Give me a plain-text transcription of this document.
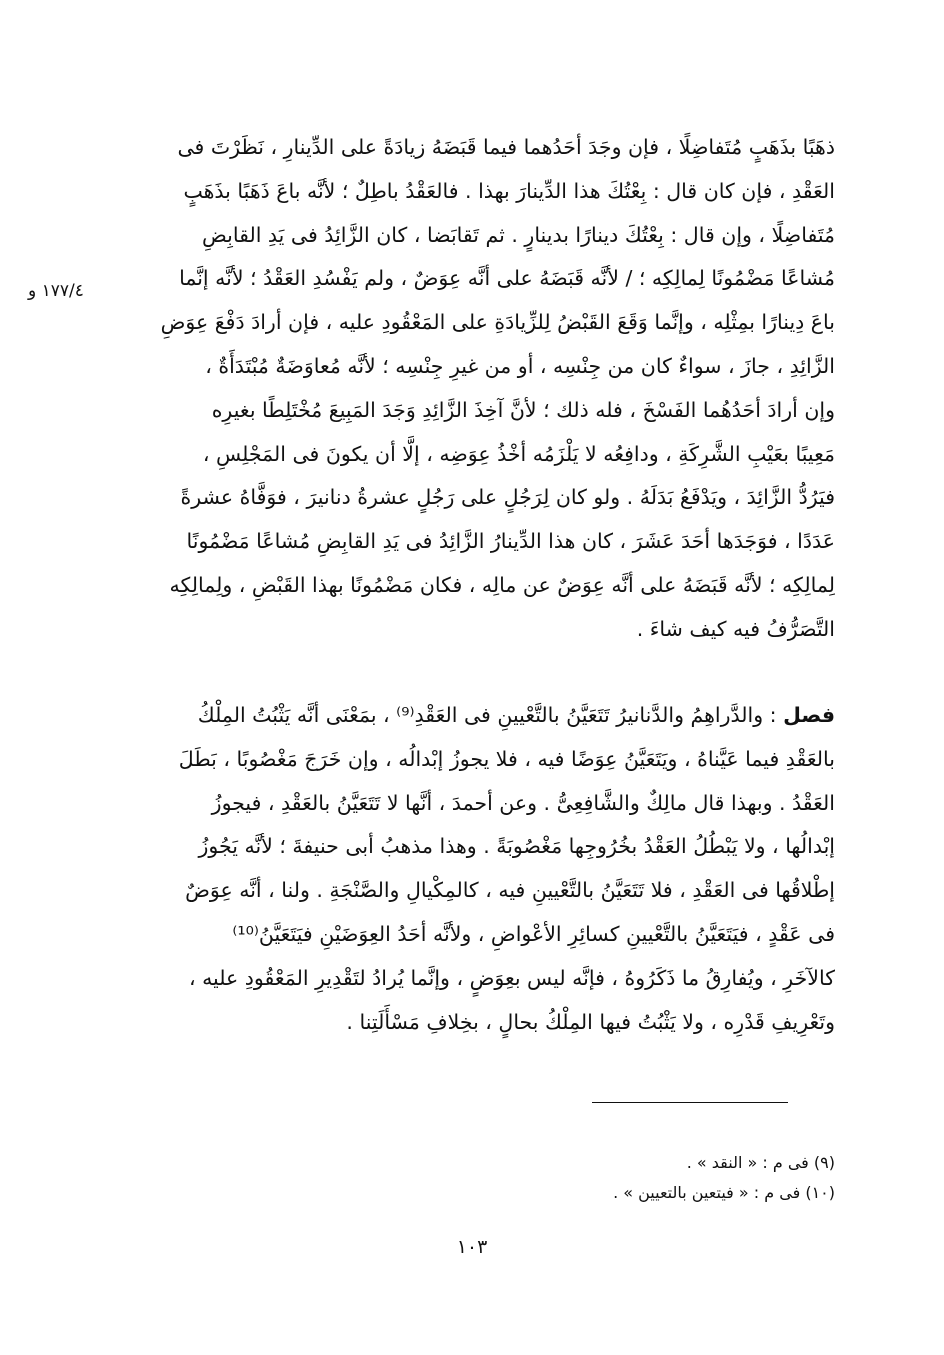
١٧٧/٤ و
ذهَبًا بذَهَبٍ مُتَفاضِلًا ، فإن وجَدَ أحَدُهما فيما قَبَضَهُ زيادَةً على الدِّينارِ ، نَظَرْتَ فى
العَقْدِ ، فإن كان قال : بِعْتُكَ هذا الدِّينارَ بهذا . فالعَقْدُ باطِلٌ ؛ لأنَّه باعَ ذَهَبًا بذَهَبٍ
مُتَفاضِلًا ، وإن قال : بِعْتُكَ دينارًا بدينارٍ . ثم تَقابَضا ، كان الزَّائِدُ فى يَدِ القابِضِ
مُشاعًا مَضْمُونًا لِمالِكِه ؛ / لأنَّه قَبَضَهُ على أنَّه عِوَضٌ ، ولم يَفْسُدِ العَقْدُ ؛ لأنَّه إنَّما
باعَ دِينارًا بمِثْلِه ، وإنَّما وَقَعَ القَبْضُ لِلزِّيادَةِ على المَعْقُودِ عليه ، فإن أرادَ دَفْعَ عِوَضِ
الزَّائِدِ ، جازَ ، سواءٌ كان من جِنْسِه ، أو من غيرِ جِنْسِه ؛ لأنَّه مُعاوَضَةٌ مُبْتَدَأَةٌ ،
وإن أرادَ أحَدُهُما الفَسْخَ ، فله ذلك ؛ لأنَّ آخِذَ الزَّائِدِ وَجَدَ المَبِيعَ مُخْتَلِطًا بغيرِه
مَعِيبًا بعَيْبِ الشَّرِكَةِ ، ودافِعُه لا يَلْزَمُه أخْذُ عِوَضِه ، إلَّا أن يكونَ فى المَجْلِسِ ،
فيَرُدُّ الزَّائِدَ ، ويَدْفَعُ بَدَلَهُ . ولو كان لِرَجُلٍ على رَجُلٍ عشرةُ دنانيرَ ، فوَفَّاهُ عشرةً
عَدَدًا ، فوَجَدَها أحَدَ عَشَرَ ، كان هذا الدِّينارُ الزَّائِدُ فى يَدِ القابِضِ مُشاعًا مَضْمُونًا
لِمالِكِه ؛ لأنَّه قَبَضَهُ على أنَّه عِوَضٌ عن مالِه ، فكان مَضْمُونًا بهذا القَبْضِ ، ولِمالِكِه
التَّصَرُّفُ فيه كيف شاءَ .
فصل : والدَّراهِمُ والدَّنانيرُ تَتَعَيَّنُ بالتَّعْيينِ فى العَقْدِ⁽⁹⁾ ، بمَعْنَى أنَّه يَثْبُتُ المِلْكُ
بالعَقْدِ فيما عَيَّناهُ ، ويَتَعَيَّنُ عِوَضًا فيه ، فلا يجوزُ إبْدالُه ، وإن خَرَجَ مَغْصُوبًا ، بَطَلَ
العَقْدُ . وبهذا قال مالِكٌ والشَّافِعِىُّ . وعن أحمدَ ، أنَّها لا تَتَعَيَّنُ بالعَقْدِ ، فيجوزُ
إبْدالُها ، ولا يَبْطُلُ العَقْدُ بخُرُوجِها مَغْصُوبَةً . وهذا مذهبُ أبى حنيفةَ ؛ لأنَّه يَجُوزُ
إطْلاقُها فى العَقْدِ ، فلا تَتَعَيَّنُ بالتَّعْيينِ فيه ، كالمِكْيالِ والصَّنْجَةِ . ولنا ، أنَّه عِوَضٌ
فى عَقْدٍ ، فيَتَعَيَّنُ بالتَّعْيينِ كسائِرِ الأعْواضِ ، ولأنَّه أحَدُ العِوَضَيْنِ فيَتَعَيَّنُ⁽¹⁰⁾
كالآخَرِ ، ويُفارِقُ ما ذَكَرُوهُ ، فإنَّه ليس بعِوَضٍ ، وإنَّما يُرادُ لتَقْدِيرِ المَعْقُودِ عليه ،
وتَعْرِيفِ قَدْرِه ، ولا يَثْبُتُ فيها المِلْكُ بحالٍ ، بخِلافِ مَسْأَلَتِنا .
(٩) فى م : « النقد » .
(١٠) فى م : « فيتعين بالتعيين » .
١٠٣
